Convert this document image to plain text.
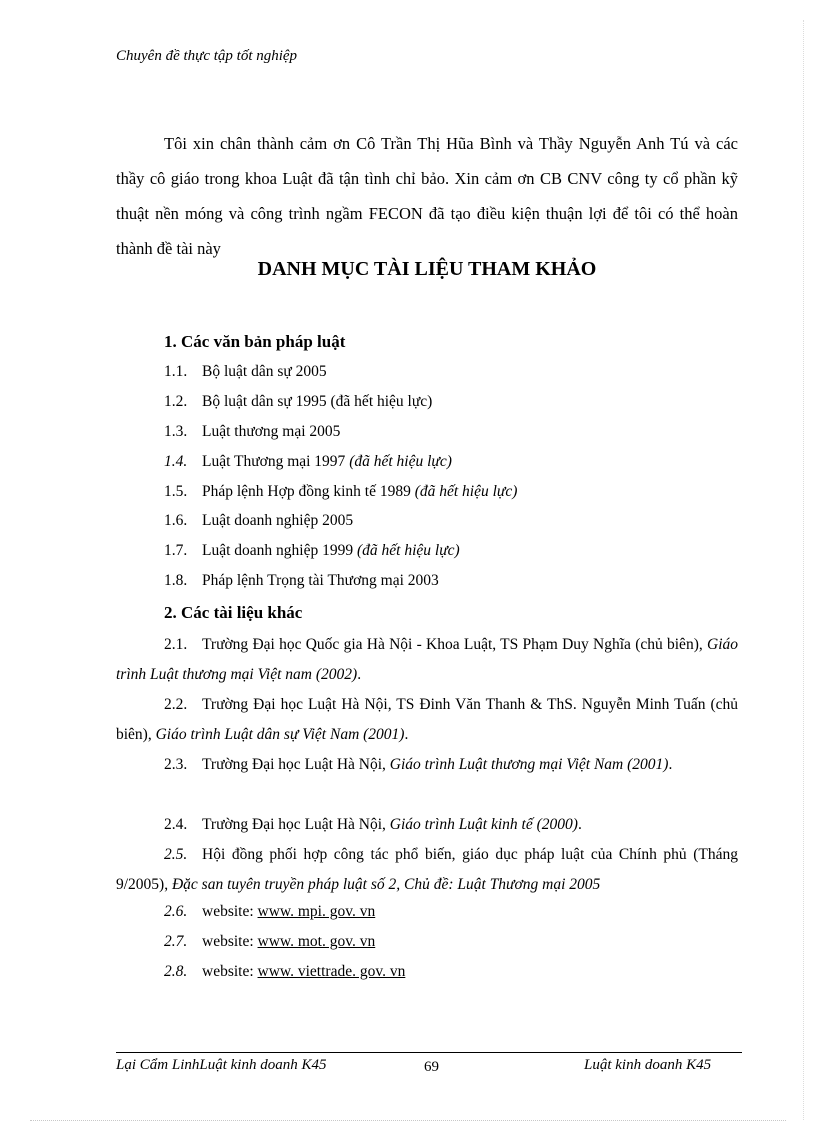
Chuyên đề thực tập tốt nghiệp
Tôi xin chân thành cảm ơn Cô Trần Thị Hũa Bình và Thầy Nguyễn Anh Tú và các thầy cô giáo trong khoa Luật đã tận tình chỉ bảo. Xin cảm ơn CB CNV công ty cổ phần kỹ thuật nền móng và công trình ngầm FECON đã tạo điều kiện thuận lợi để tôi có thể hoàn thành đề tài này
DANH MỤC TÀI LIỆU THAM KHẢO
1. Các văn bản pháp luật
1.1. Bộ luật dân sự 2005
1.2. Bộ luật dân sự 1995 (đã hết hiệu lực)
1.3. Luật thương mại 2005
1.4. Luật Thương mại 1997 (đã hết hiệu lực)
1.5. Pháp lệnh Hợp đồng kinh tế 1989 (đã hết hiệu lực)
1.6. Luật doanh nghiệp 2005
1.7. Luật doanh nghiệp 1999 (đã hết hiệu lực)
1.8. Pháp lệnh Trọng tài Thương mại 2003
2. Các tài liệu khác
2.1. Trường Đại học Quốc gia Hà Nội - Khoa Luật, TS Phạm Duy Nghĩa (chủ biên), Giáo trình Luật thương mại Việt nam (2002).
2.2. Trường Đại học Luật Hà Nội, TS Đinh Văn Thanh & ThS. Nguyễn Minh Tuấn (chủ biên), Giáo trình Luật dân sự Việt Nam (2001).
2.3. Trường Đại học Luật Hà Nội, Giáo trình Luật thương mại Việt Nam (2001).
2.4. Trường Đại học Luật Hà Nội, Giáo trình Luật kinh tế (2000).
2.5. Hội đồng phối hợp công tác phổ biến, giáo dục pháp luật của Chính phủ (Tháng 9/2005), Đặc san tuyên truyền pháp luật số 2, Chủ đề: Luật Thương mại 2005
2.6. website: www. mpi. gov. vn
2.7. website: www. mot. gov. vn
2.8. website: www. viettrade. gov. vn
Lại Cẩm LinhLuật kinh doanh K45	69	Luật kinh doanh K45
